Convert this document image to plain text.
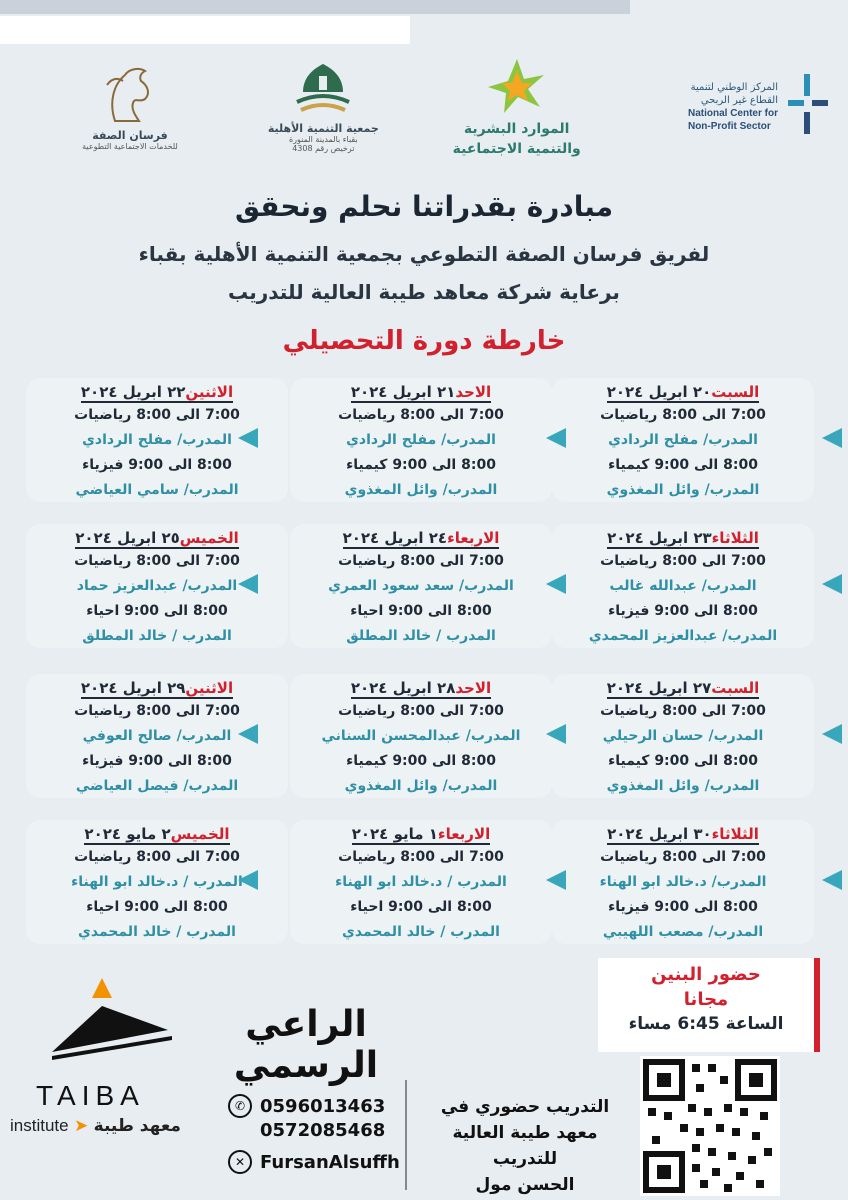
فرسان الصفة
للخدمات الاجتماعية التطوعية
جمعية التنمية الأهلية
بقباء بالمدينة المنورة
ترخيص رقم 4308
الموارد البشرية
والتنمية الاجتماعية
المركز الوطني لتنمية
القطاع غير الربحي
National Center for
Non-Profit Sector
مبادرة بقدراتنا نحلم ونحقق
لفريق فرسان الصفة التطوعي بجمعية التنمية الأهلية بقباء
برعاية شركة معاهد طيبة العالية للتدريب
خارطة دورة التحصيلي
السبت٢٠ ابريل ٢٠٢٤
7:00 الى 8:00 رياضيات
المدرب/ مفلح الردادي
8:00 الى 9:00 كيمياء
المدرب/ وائل المغذوي
الاحد٢١ ابريل ٢٠٢٤
7:00 الى 8:00 رياضيات
المدرب/ مفلح الردادي
8:00 الى 9:00 كيمياء
المدرب/ وائل المغذوي
الاثنين٢٢ ابريل ٢٠٢٤
7:00 الى 8:00 رياضيات
المدرب/ مفلح الردادي
8:00 الى 9:00 فيزياء
المدرب/ سامي العياضي
الثلاثاء٢٣ ابريل ٢٠٢٤
7:00 الى 8:00 رياضيات
المدرب/ عبدالله غالب
8:00 الى 9:00 فيزياء
المدرب/ عبدالعزيز المحمدي
الاربعاء٢٤ ابريل ٢٠٢٤
7:00 الى 8:00 رياضيات
المدرب/ سعد سعود العمري
8:00 الى 9:00 احياء
المدرب / خالد المطلق
الخميس٢٥ ابريل ٢٠٢٤
7:00 الى 8:00 رياضيات
المدرب/ عبدالعزيز حماد
8:00 الى 9:00 احياء
المدرب / خالد المطلق
السبت٢٧ ابريل ٢٠٢٤
7:00 الى 8:00 رياضيات
المدرب/ حسان الرحيلي
8:00 الى 9:00 كيمياء
المدرب/ وائل المغذوي
الاحد٢٨ ابريل ٢٠٢٤
7:00 الى 8:00 رياضيات
المدرب/ عبدالمحسن السناني
8:00 الى 9:00 كيمياء
المدرب/ وائل المغذوي
الاثنين٢٩ ابريل ٢٠٢٤
7:00 الى 8:00 رياضيات
المدرب/ صالح العوفي
8:00 الى 9:00 فيزياء
المدرب/ فيصل العياضي
الثلاثاء٣٠ ابريل ٢٠٢٤
7:00 الى 8:00 رياضيات
المدرب/ د.خالد ابو الهناء
8:00 الى 9:00 فيزياء
المدرب/ مصعب اللهيبي
الاربعاء١ مايو ٢٠٢٤
7:00 الى 8:00 رياضيات
المدرب / د.خالد ابو الهناء
8:00 الى 9:00 احياء
المدرب / خالد المحمدي
الخميس٢ مايو ٢٠٢٤
7:00 الى 8:00 رياضيات
المدرب / د.خالد ابو الهناء
8:00 الى 9:00 احياء
المدرب / خالد المحمدي
حضور البنين
مجانا
الساعة 6:45 مساء
الراعي الرسمي
TAIBA
institute ➤ معهد طيبة
✆ 0596013463
0572085468
✕ FursanAlsuffh
التدريب حضوري في
معهد طيبة العالية للتدريب
الحسن مول
